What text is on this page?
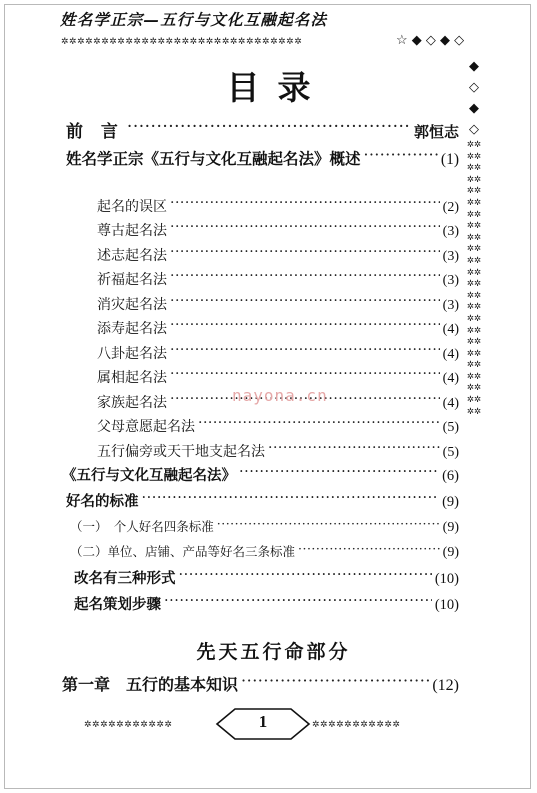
姓名学正宗—五行与文化互融起名法
✲✲✲✲✲✲✲✲✲✲✲✲✲✲✲✲✲✲✲✲✲✲✲✲✲✲✲✲✲✲	☆ ◆ ◇ ◆ ◇
◆
◇
◆
◇
✲✲✲✲✲✲✲✲✲✲✲✲✲✲✲✲✲✲✲✲✲✲✲✲✲✲✲✲✲✲✲✲✲✲✲✲✲✲✲✲✲✲✲✲✲✲✲✲
目录
前 言 ·····	郭恒志
姓名学正宗《五行与文化互融起名法》概述 ·····	(1)
起名的误区 ·····	(2)
尊古起名法 ·····	(3)
述志起名法 ·····	(3)
祈福起名法 ·····	(3)
消灾起名法 ·····	(3)
添寿起名法 ·····	(4)
八卦起名法 ·····	(4)
属相起名法 ·····	(4)
家族起名法 ·····	(4)
父母意愿起名法 ·····	(5)
五行偏旁或天干地支起名法 ·····	(5)
《五行与文化互融起名法》 ·····	(6)
好名的标准 ·····	(9)
（一）　个人好名四条标准 ·····	(9)
（二）单位、店铺、产品等好名三条标准 ·····	(9)
改名有三种形式 ·····	(10)
起名策划步骤 ·····	(10)
先天五行命部分
第一章　五行的基本知识 ·····	(12)
nayona.cn
✲✲✲✲✲✲✲✲✲✲✲	1	✲✲✲✲✲✲✲✲✲✲✲
